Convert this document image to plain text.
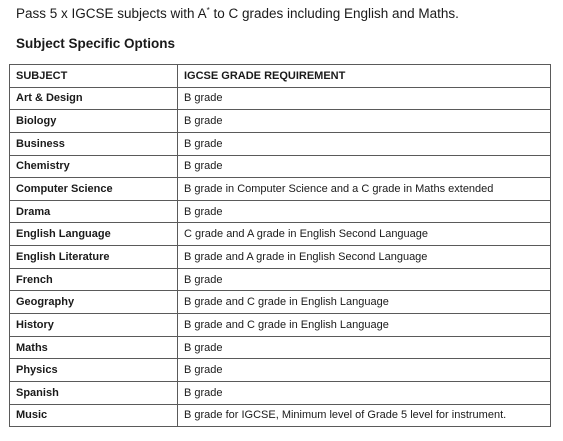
Pass 5 x IGCSE subjects with A* to C grades including English and Maths.
Subject Specific Options
SUBJECT	IGCSE GRADE REQUIREMENT
Art & Design	B grade
Biology	B grade
Business	B grade
Chemistry	B grade
Computer Science	B grade in Computer Science and a C grade in Maths extended
Drama	B grade
English Language	C grade and A grade in English Second Language
English Literature	B grade and A grade in English Second Language
French	B grade
Geography	B grade and C grade in English Language
History	B grade and C grade in English Language
Maths	B grade
Physics	B grade
Spanish	B grade
Music	B grade for IGCSE, Minimum level of Grade 5 level for instrument.
